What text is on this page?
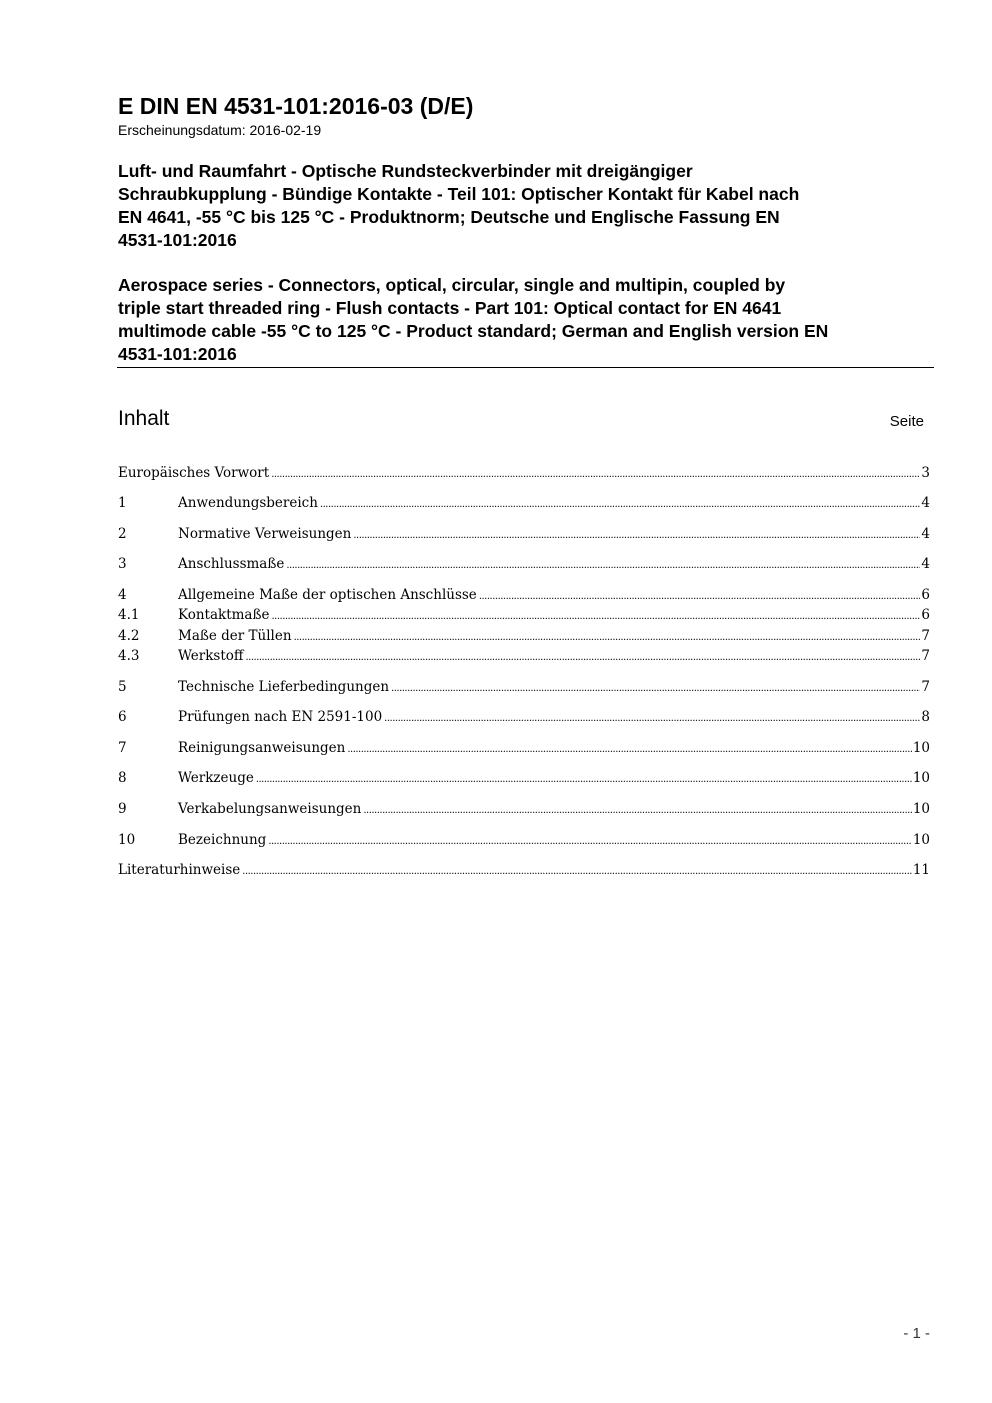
E DIN EN 4531-101:2016-03 (D/E)
Erscheinungsdatum: 2016-02-19
Luft- und Raumfahrt - Optische Rundsteckverbinder mit dreigängiger
Schraubkupplung - Bündige Kontakte - Teil 101: Optischer Kontakt für Kabel nach
EN 4641, -55 °C bis 125 °C - Produktnorm; Deutsche und Englische Fassung EN
4531-101:2016
Aerospace series - Connectors, optical, circular, single and multipin, coupled by
triple start threaded ring - Flush contacts - Part 101: Optical contact for EN 4641
multimode cable -55 °C to 125 °C - Product standard; German and English version EN
4531-101:2016
Inhalt	Seite
Europäisches Vorwort .....	3
1	Anwendungsbereich .....	4
2	Normative Verweisungen .....	4
3	Anschlussmaße .....	4
4	Allgemeine Maße der optischen Anschlüsse .....	6
4.1	Kontaktmaße .....	6
4.2	Maße der Tüllen .....	7
4.3	Werkstoff .....	7
5	Technische Lieferbedingungen .....	7
6	Prüfungen nach EN 2591-100 .....	8
7	Reinigungsanweisungen .....	10
8	Werkzeuge .....	10
9	Verkabelungsanweisungen .....	10
10	Bezeichnung .....	10
Literaturhinweise .....	11
- 1 -
